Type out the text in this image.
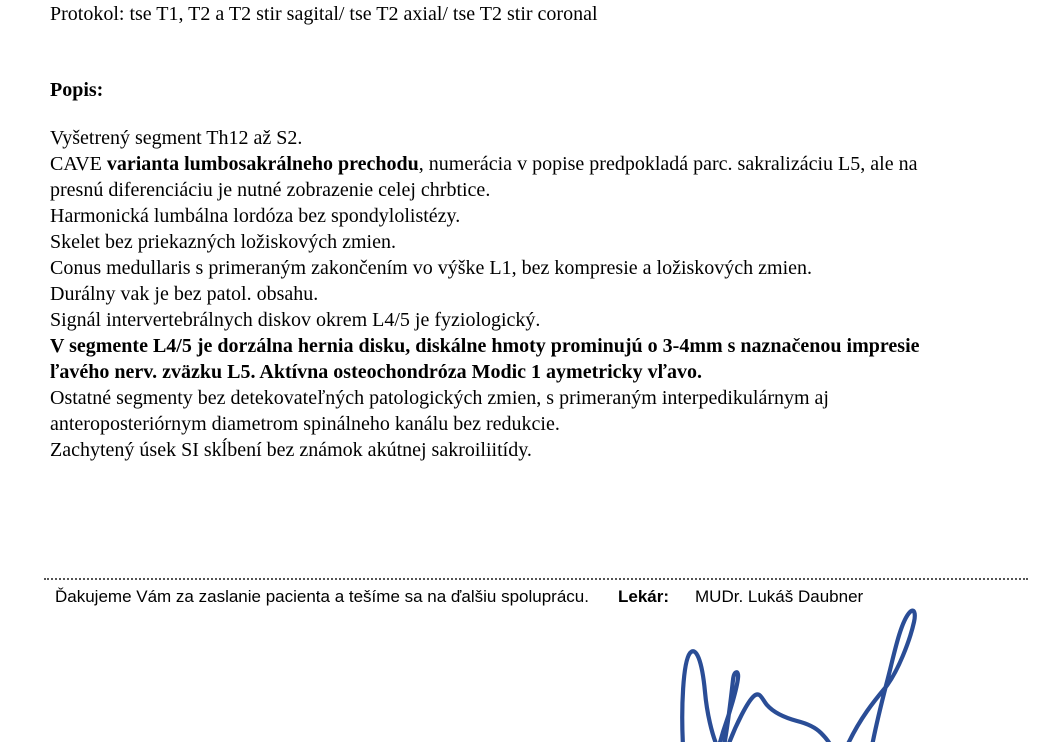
Protokol: tse T1, T2 a T2 stir sagital/ tse T2 axial/ tse T2 stir coronal
Popis:
Vyšetrený segment Th12 až S2.
CAVE varianta lumbosakrálneho prechodu, numerácia v popise predpokladá parc. sakralizáciu L5, ale na
presnú diferenciáciu je nutné zobrazenie celej chrbtice.
Harmonická lumbálna lordóza bez spondylolistézy.
Skelet bez priekazných ložiskových zmien.
Conus medullaris s primeraným zakončením vo výške L1, bez kompresie a ložiskových zmien.
Durálny vak je bez patol. obsahu.
Signál intervertebrálnych diskov okrem L4/5 je fyziologický.
V segmente L4/5 je dorzálna hernia disku, diskálne hmoty prominujú o 3-4mm s naznačenou impresie
ľavého nerv. zväzku L5. Aktívna osteochondróza Modic 1 aymetricky vľavo.
Ostatné segmenty bez detekovateľných patologických zmien, s primeraným interpedikulárnym aj
anteroposteriórnym diametrom spinálneho kanálu bez redukcie.
Zachytený úsek SI skĺbení bez známok akútnej sakroiliitídy.
Ďakujeme Vám za zaslanie pacienta a tešíme sa na ďalšiu spoluprácu. Lekár: MUDr. Lukáš Daubner
